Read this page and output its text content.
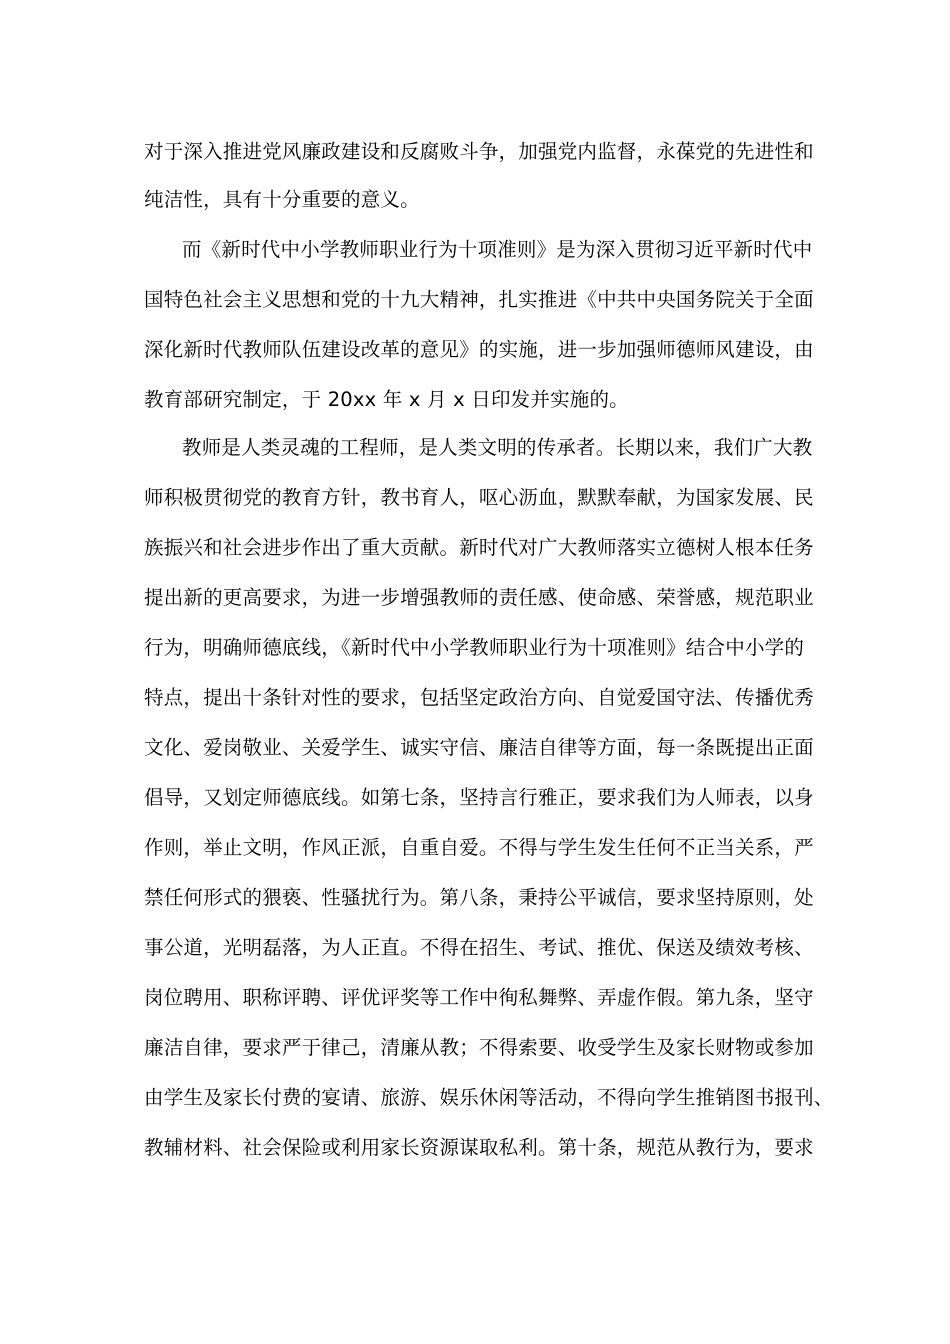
对于深入推进党风廉政建设和反腐败斗争，加强党内监督，永葆党的先进性和
纯洁性，具有十分重要的意义。
而《新时代中小学教师职业行为十项准则》是为深入贯彻习近平新时代中
国特色社会主义思想和党的十九大精神，扎实推进《中共中央国务院关于全面
深化新时代教师队伍建设改革的意见》的实施，进一步加强师德师风建设，由
教育部研究制定，于 20xx 年 x 月 x 日印发并实施的。
教师是人类灵魂的工程师，是人类文明的传承者。长期以来，我们广大教
师积极贯彻党的教育方针，教书育人，呕心沥血，默默奉献，为国家发展、民
族振兴和社会进步作出了重大贡献。新时代对广大教师落实立德树人根本任务
提出新的更高要求，为进一步增强教师的责任感、使命感、荣誉感，规范职业
行为，明确师德底线，《新时代中小学教师职业行为十项准则》结合中小学的
特点，提出十条针对性的要求，包括坚定政治方向、自觉爱国守法、传播优秀
文化、爱岗敬业、关爱学生、诚实守信、廉洁自律等方面，每一条既提出正面
倡导，又划定师德底线。如第七条，坚持言行雅正，要求我们为人师表，以身
作则，举止文明，作风正派，自重自爱。不得与学生发生任何不正当关系，严
禁任何形式的猥亵、性骚扰行为。第八条，秉持公平诚信，要求坚持原则，处
事公道，光明磊落，为人正直。不得在招生、考试、推优、保送及绩效考核、
岗位聘用、职称评聘、评优评奖等工作中徇私舞弊、弄虚作假。第九条，坚守
廉洁自律，要求严于律己，清廉从教；不得索要、收受学生及家长财物或参加
由学生及家长付费的宴请、旅游、娱乐休闲等活动，不得向学生推销图书报刊、
教辅材料、社会保险或利用家长资源谋取私利。第十条，规范从教行为，要求
